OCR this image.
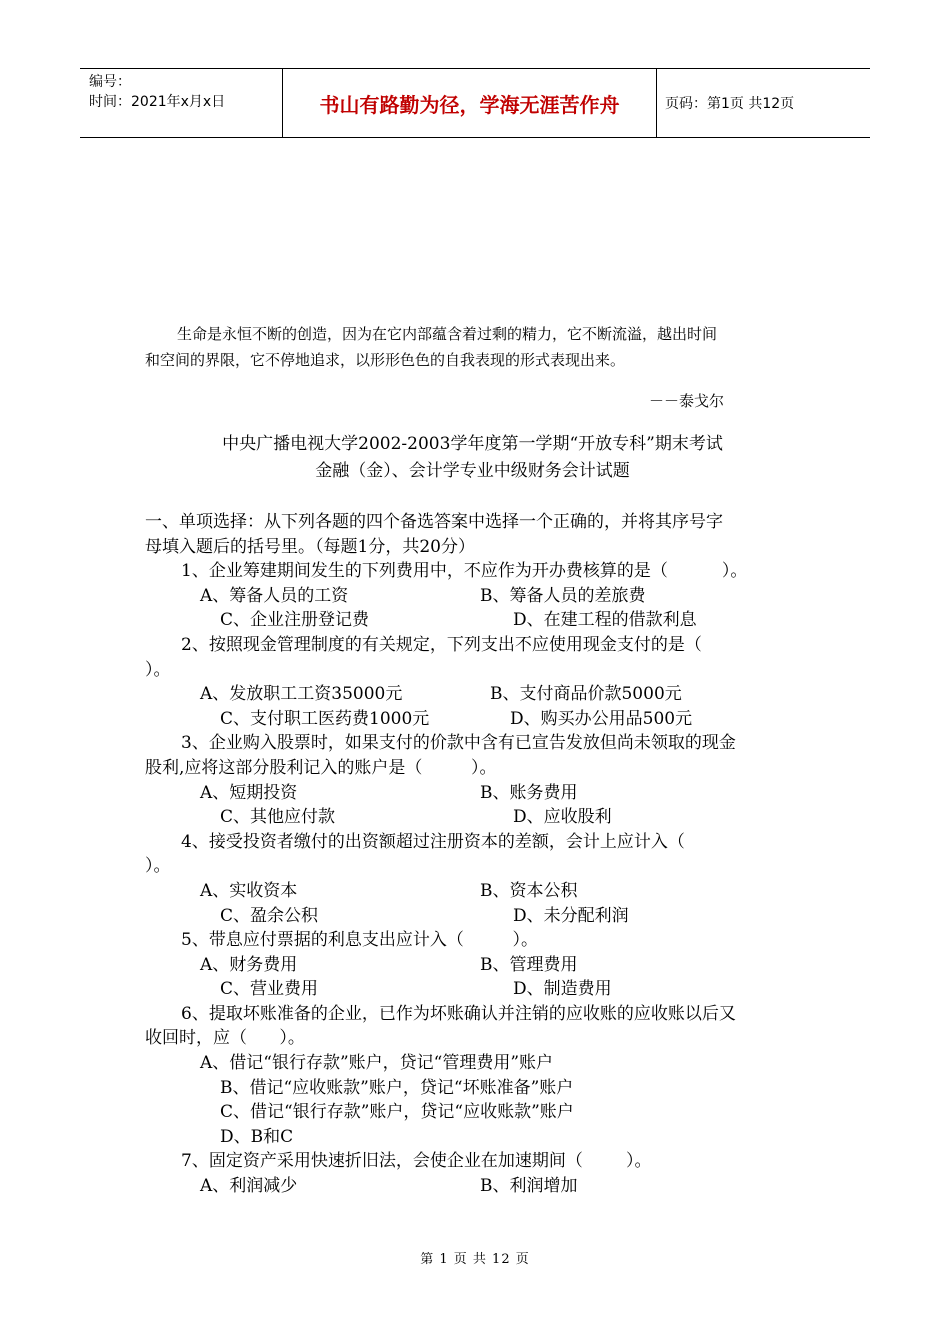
编号：
时间：2021年x月x日	书山有路勤为径，学海无涯苦作舟	页码：第1页 共12页

生命是永恒不断的创造，因为在它内部蕴含着过剩的精力，它不断流溢，越出时间

和空间的界限，它不停地追求，以形形色色的自我表现的形式表现出来。
－－泰戈尔
中央广播电视大学2002-2003学年度第一学期“开放专科”期末考试
金融（金）、会计学专业中级财务会计试题
一、单项选择：从下列各题的四个备选答案中选择一个正确的，并将其序号字
母填入题后的括号里。（每题1分，共20分）
1、企业筹建期间发生的下列费用中，不应作为开办费核算的是（          ）。
A、筹备人员的工资	B、筹备人员的差旅费
C、企业注册登记费	D、在建工程的借款利息
2、按照现金管理制度的有关规定，下列支出不应使用现金支付的是（
）。
A、发放职工工资35000元	B、支付商品价款5000元
C、支付职工医药费1000元	D、购买办公用品500元
3、企业购入股票时，如果支付的价款中含有已宣告发放但尚未领取的现金
股利,应将这部分股利记入的账户是（         ）。
A、短期投资	B、账务费用
C、其他应付款	D、应收股利
4、接受投资者缴付的出资额超过注册资本的差额，会计上应计入（
）。
A、实收资本	B、资本公积
C、盈余公积	D、未分配利润
5、带息应付票据的利息支出应计入（         ）。
A、财务费用	B、管理费用
C、营业费用	D、制造费用
6、提取坏账准备的企业，已作为坏账确认并注销的应收账的应收账以后又
收回时，应（      ）。
A、借记“银行存款”账户，贷记“管理费用”账户
B、借记“应收账款”账户，贷记“坏账准备”账户
C、借记“银行存款”账户，贷记“应收账款”账户
D、B和C
7、固定资产采用快速折旧法，会使企业在加速期间（        ）。
A、利润减少	B、利润增加
第 1 页 共 12 页
